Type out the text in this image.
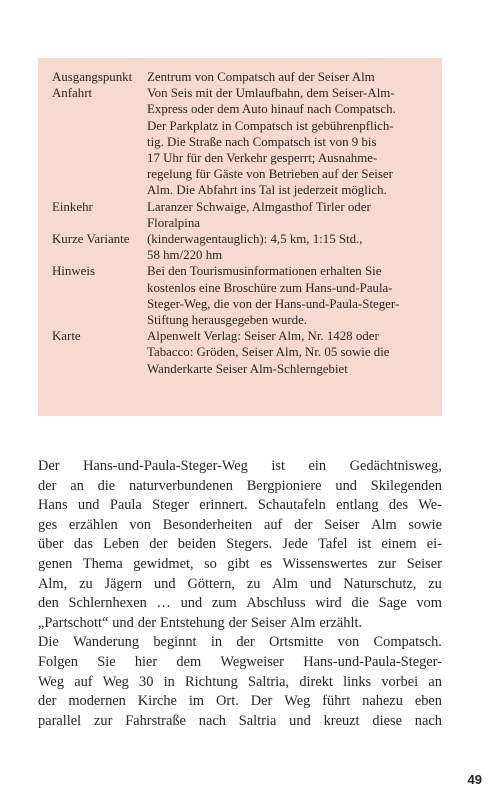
Ausgangspunkt	Zentrum von Compatsch auf der Seiser Alm
Anfahrt	Von Seis mit der Umlaufbahn, dem Seiser-Alm-
Express oder dem Auto hinauf nach Compatsch.
Der Parkplatz in Compatsch ist gebührenpflich-
tig. Die Straße nach Compatsch ist von 9 bis
17 Uhr für den Verkehr gesperrt; Ausnahme-
regelung für Gäste von Betrieben auf der Seiser
Alm. Die Abfahrt ins Tal ist jederzeit möglich.
Einkehr	Laranzer Schwaige, Almgasthof Tirler oder
Floralpina
Kurze Variante	(kinderwagentauglich): 4,5 km, 1:15 Std.,
58 hm/220 hm
Hinweis	Bei den Tourismusinformationen erhalten Sie
kostenlos eine Broschüre zum Hans-und-Paula-
Steger-Weg, die von der Hans-und-Paula-Steger-
Stiftung herausgegeben wurde.
Karte	Alpenwelt Verlag: Seiser Alm, Nr. 1428 oder
Tabacco: Gröden, Seiser Alm, Nr. 05 sowie die
Wanderkarte Seiser Alm-Schlerngebiet
Der Hans-und-Paula-Steger-Weg ist ein Gedächtnisweg,
der an die naturverbundenen Bergpioniere und Skilegenden
Hans und Paula Steger erinnert. Schautafeln entlang des We-
ges erzählen von Besonderheiten auf der Seiser Alm sowie
über das Leben der beiden Stegers. Jede Tafel ist einem ei-
genen Thema gewidmet, so gibt es Wissenswertes zur Seiser
Alm, zu Jägern und Göttern, zu Alm und Naturschutz, zu
den Schlernhexen … und zum Abschluss wird die Sage vom
„Partschott“ und der Entstehung der Seiser Alm erzählt.
Die Wanderung beginnt in der Ortsmitte von Compatsch.
Folgen Sie hier dem Wegweiser Hans-und-Paula-Steger-
Weg auf Weg 30 in Richtung Saltria, direkt links vorbei an
der modernen Kirche im Ort. Der Weg führt nahezu eben
parallel zur Fahrstraße nach Saltria und kreuzt diese nach
49
